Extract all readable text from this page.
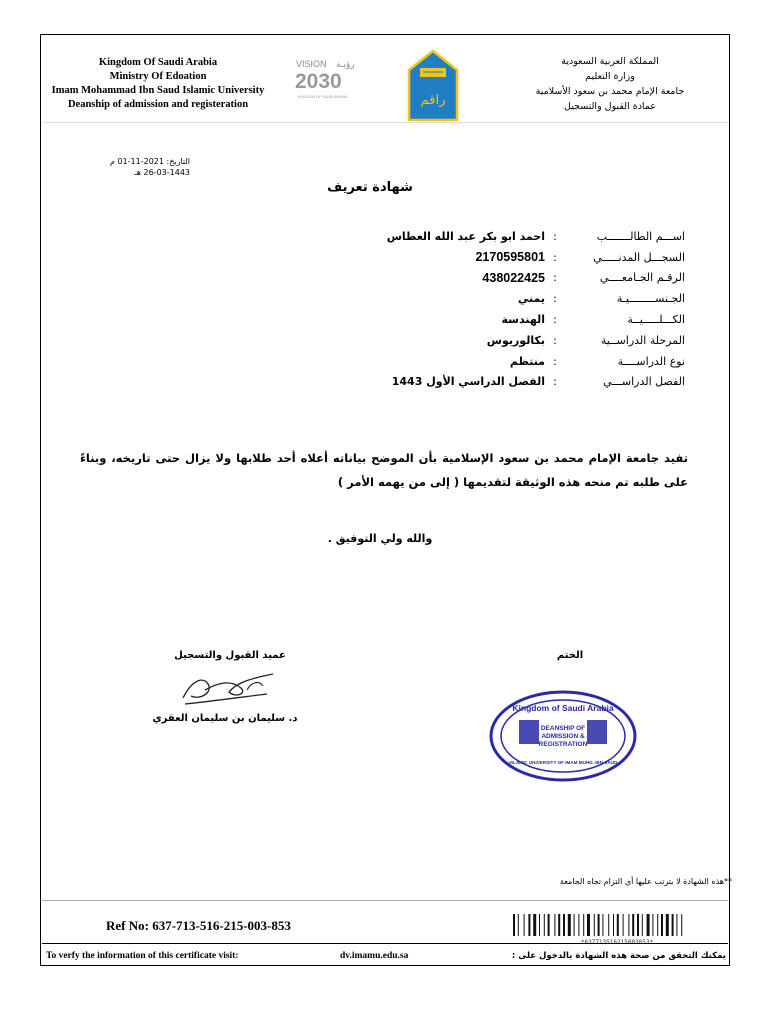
Kingdom Of Saudi Arabia
Ministry Of Edoation
Imam Mohammad Ibn Saud Islamic University
Deanship of admission and registeration
VISION رؤيـة
2030
KINGDOM OF SAUDI ARABIA	راقم
المملكة العربية السعودية
وزارة التعليم
جامعة الإمام محمد بن سعود الأسلامية
عمادة القبول والتسجيل
التاريخ: 2021-11-01 م
26-03-1443 هـ
شهادة تعريف
اســـم الطالـــــــب
:
احمد ابو بكر عبد الله العطاس
السجـــل المدنـــــي
:
2170595801
الرقـم الجـامعــــي
:
438022425
الجـنســــــــيـة
:
يمني
الكـــلـــــيــة
:
الهندسة
المرحلة الدراســية
:
بكالوريوس
نوع الدراســــة
:
منتظم
الفصل الدراســـي
:
الفصل الدراسي الأول 1443
تفيد جامعة الإمام محمد بن سعود الإسلامية بأن الموضح بياناته أعلاه أحد طلابها ولا يزال حتى تاريخه، وبناءً على طلبه تم منحه هذه الوثيقة لتقديمها ( إلى من يهمه الأمر )
والله ولي التوفيق .
عميد القبول والتسجيل	الختم
د. سليمان بن سليمان العقري
Kingdom of Saudi Arabia
DEANSHIP OF
ADMISSION &
REGISTRATION
ISLAMIC UNIVERSITY OF IMAM MUHD. IBN SAUD
**هذه الشهادة لا يترتب عليها أي التزام تجاه الجامعة
Ref No: 637-713-516-215-003-853
*637713516215003853*
To verfy the information of this certificate visit:	dv.imamu.edu.sa	يمكنك التحقق من صحة هذه الشهادة بالدخول على :
